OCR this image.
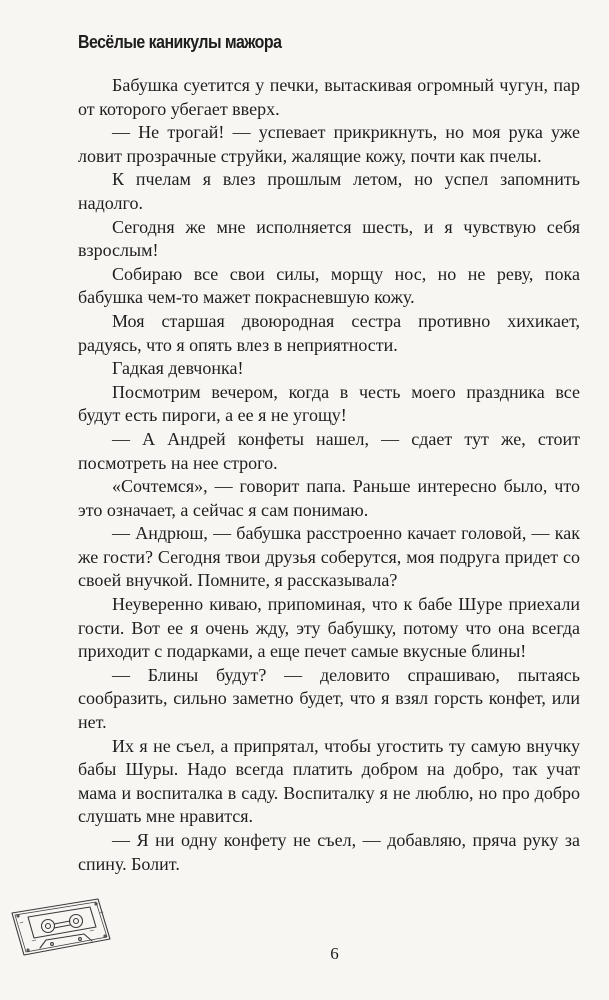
Весёлые каникулы мажора

Бабушка суетится у печки, вытаскивая огромный чугун, пар от которого убегает вверх.

— Не трогай! — успевает прикрикнуть, но моя рука уже ловит прозрачные струйки, жалящие кожу, почти как пчелы.

К пчелам я влез прошлым летом, но успел запомнить надолго.

Сегодня же мне исполняется шесть, и я чувствую себя взрослым!

Собираю все свои силы, морщу нос, но не реву, пока бабушка чем-то мажет покрасневшую кожу.

Моя старшая двоюродная сестра противно хихикает, радуясь, что я опять влез в неприятности.

Гадкая девчонка!

Посмотрим вечером, когда в честь моего праздника все будут есть пироги, а ее я не угощу!

— А Андрей конфеты нашел, — сдает тут же, стоит посмотреть на нее строго.

«Сочтемся», — говорит папа. Раньше интересно было, что это означает, а сейчас я сам понимаю.

— Андрюш, — бабушка расстроенно качает головой, — как же гости? Сегодня твои друзья соберутся, моя подруга придет со своей внучкой. Помните, я рассказывала?

Неуверенно киваю, припоминая, что к бабе Шуре приехали гости. Вот ее я очень жду, эту бабушку, потому что она всегда приходит с подарками, а еще печет самые вкусные блины!

— Блины будут? — деловито спрашиваю, пытаясь сообразить, сильно заметно будет, что я взял горсть конфет, или нет.

Их я не съел, а припрятал, чтобы угостить ту самую внучку бабы Шуры. Надо всегда платить добром на добро, так учат мама и воспиталка в саду. Воспиталку я не люблю, но про добро слушать мне нравится.

— Я ни одну конфету не съел, — добавляю, пряча руку за спину. Болит.

6
